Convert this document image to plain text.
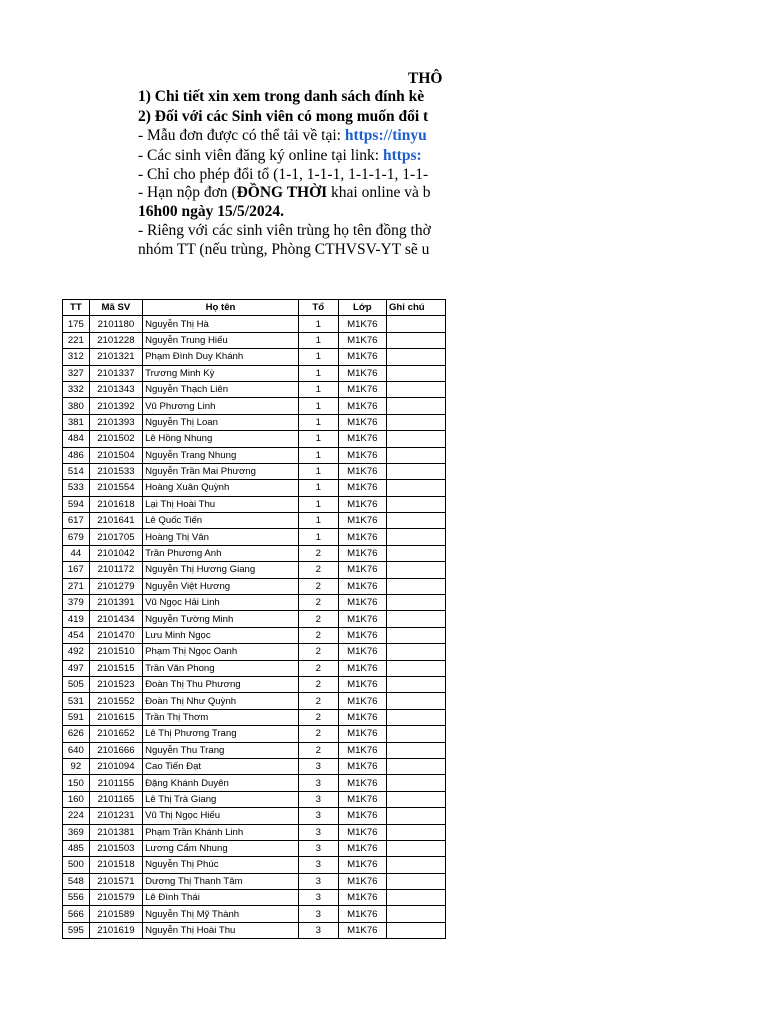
THÔ
1) Chi tiết xin xem trong danh sách đính kè
2) Đối với các Sinh viên có mong muốn đổi t
- Mẫu đơn được có thể tải về tại: https://tinyu
- Các sinh viên đăng ký online tại link: https:
- Chỉ cho phép đổi tổ (1-1, 1-1-1, 1-1-1-1, 1-1-
- Hạn nộp đơn (ĐỒNG THỜI khai online và b
16h00 ngày 15/5/2024.
- Riêng với các sinh viên trùng họ tên đồng thờ
nhóm TT (nếu trùng, Phòng CTHVSV-YT sẽ u
TT	Mã SV	Họ tên	Tổ	Lớp	Ghi chú
175	2101180	Nguyễn Thị Hà	1	M1K76	
221	2101228	Nguyễn Trung Hiếu	1	M1K76	
312	2101321	Phạm Đình Duy Khánh	1	M1K76	
327	2101337	Trương Minh Kỳ	1	M1K76	
332	2101343	Nguyễn Thạch Liên	1	M1K76	
380	2101392	Vũ Phương Linh	1	M1K76	
381	2101393	Nguyễn Thị Loan	1	M1K76	
484	2101502	Lê Hồng Nhung	1	M1K76	
486	2101504	Nguyễn Trang Nhung	1	M1K76	
514	2101533	Nguyễn Trần Mai Phương	1	M1K76	
533	2101554	Hoàng Xuân Quỳnh	1	M1K76	
594	2101618	Lại Thị Hoài Thu	1	M1K76	
617	2101641	Lê Quốc Tiến	1	M1K76	
679	2101705	Hoàng Thị Vân	1	M1K76	
44	2101042	Trần Phương Anh	2	M1K76	
167	2101172	Nguyễn Thị Hương Giang	2	M1K76	
271	2101279	Nguyễn Việt Hương	2	M1K76	
379	2101391	Vũ Ngọc Hải Linh	2	M1K76	
419	2101434	Nguyễn Tường Minh	2	M1K76	
454	2101470	Lưu Minh Ngọc	2	M1K76	
492	2101510	Phạm Thị Ngọc Oanh	2	M1K76	
497	2101515	Trần Văn Phong	2	M1K76	
505	2101523	Đoàn Thị Thu Phương	2	M1K76	
531	2101552	Đoàn Thị Như Quỳnh	2	M1K76	
591	2101615	Trần Thị Thơm	2	M1K76	
626	2101652	Lê Thị Phương Trang	2	M1K76	
640	2101666	Nguyễn Thu Trang	2	M1K76	
92	2101094	Cao Tiến Đạt	3	M1K76	
150	2101155	Đặng Khánh Duyên	3	M1K76	
160	2101165	Lê Thị Trà Giang	3	M1K76	
224	2101231	Vũ Thị Ngọc Hiếu	3	M1K76	
369	2101381	Phạm Trần Khánh Linh	3	M1K76	
485	2101503	Lương Cẩm Nhung	3	M1K76	
500	2101518	Nguyễn Thị Phúc	3	M1K76	
548	2101571	Dương Thị Thanh Tâm	3	M1K76	
556	2101579	Lê Đình Thái	3	M1K76	
566	2101589	Nguyễn Thị Mỹ Thành	3	M1K76	
595	2101619	Nguyễn Thị Hoài Thu	3	M1K76	
